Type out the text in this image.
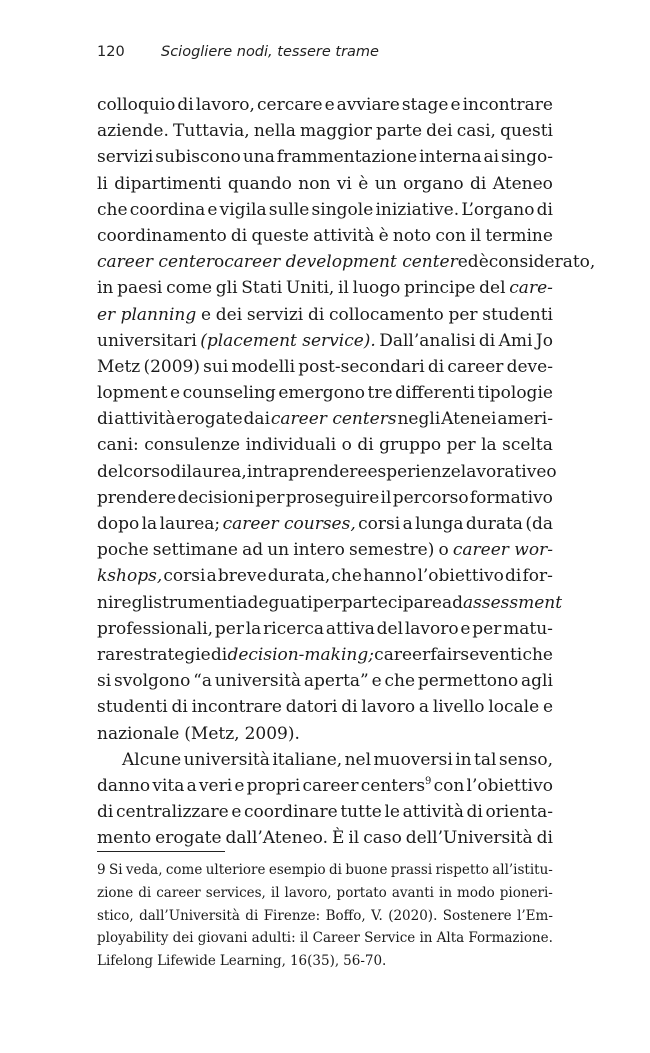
120	Sciogliere nodi, tessere trame
colloquio di lavoro, cercare e avviare stage e incontrare
aziende. Tuttavia, nella maggior parte dei casi, questi
servizi subiscono una frammentazione interna ai singo-
li dipartimenti quando non vi è un organo di Ateneo
che coordina e vigila sulle singole iniziative. L’organo di
coordinamento di queste attività è noto con il termine
career center o career development center ed è considerato,
in paesi come gli Stati Uniti, il luogo principe del care-
er planning e dei servizi di collocamento per studenti
universitari (placement service). Dall’analisi di Ami Jo
Metz (2009) sui modelli post-secondari di career deve-
lopment e counseling emergono tre differenti tipologie
di attività erogate dai career centers negli Atenei ameri-
cani: consulenze individuali o di gruppo per la scelta
del corso di laurea, intraprendere esperienze lavorative o
prendere decisioni per proseguire il percorso formativo
dopo la laurea; career courses, corsi a lunga durata (da
poche settimane ad un intero semestre) o career wor-
kshops, corsi a breve durata, che hanno l’obiettivo di for-
nire gli strumenti adeguati per partecipare ad assessment
professionali, per la ricerca attiva del lavoro e per matu-
rare strategie di decision-making; career fairs eventi che
si svolgono “a università aperta” e che permettono agli
studenti di incontrare datori di lavoro a livello locale e
nazionale (Metz, 2009).
Alcune università italiane, nel muoversi in tal senso,
danno vita a veri e propri career centers$^9$ con l’obiettivo
di centralizzare e coordinare tutte le attività di orienta-
mento erogate dall’Ateneo. È il caso dell’Università di
9 Si veda, come ulteriore esempio di buone prassi rispetto all’istitu-
zione di career services, il lavoro, portato avanti in modo pioneri-
stico, dall’Università di Firenze: Boffo, V. (2020). Sostenere l’Em-
ployability dei giovani adulti: il Career Service in Alta Formazione.
Lifelong Lifewide Learning, 16(35), 56-70.
